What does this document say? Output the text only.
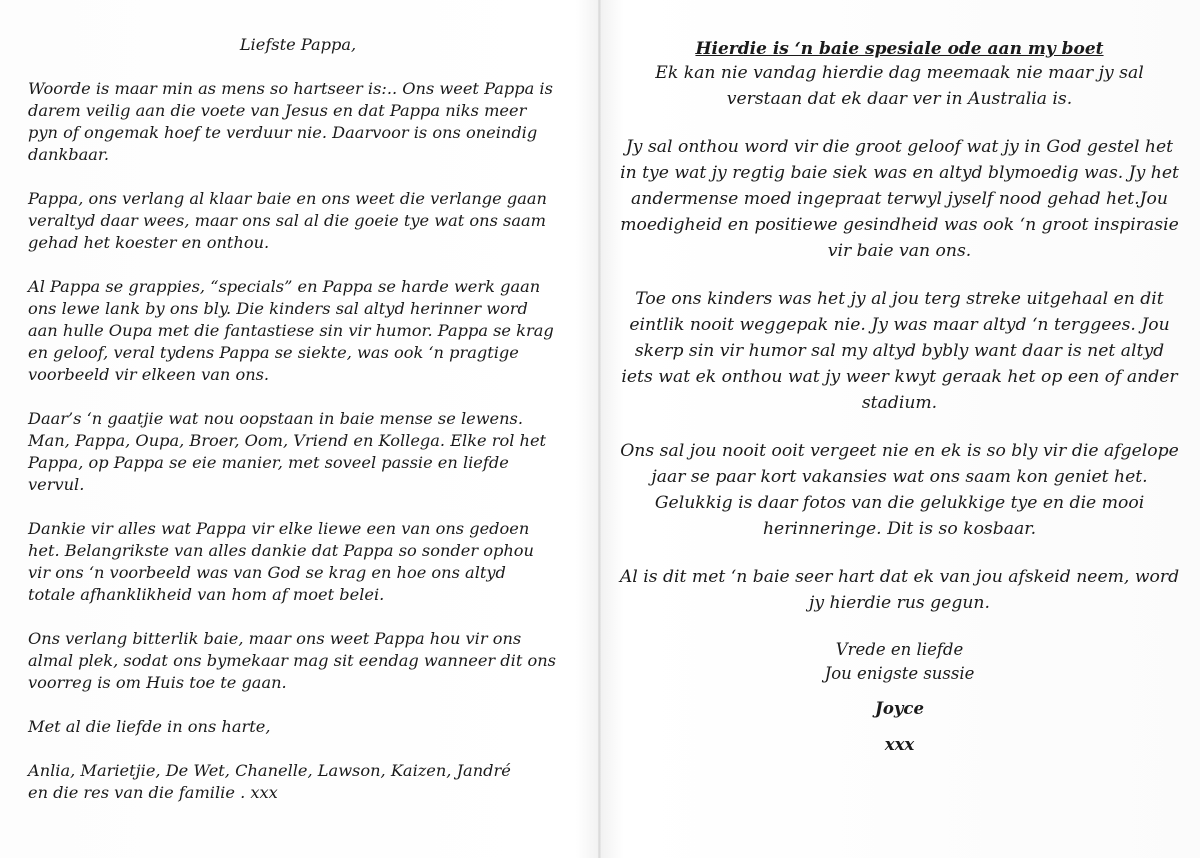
Liefste Pappa,

Woorde is maar min as mens so hartseer is:.. Ons weet Pappa is darem veilig aan die voete van Jesus en dat Pappa niks meer pyn of ongemak hoef te verduur nie. Daarvoor is ons oneindig dankbaar.

Pappa, ons verlang al klaar baie en ons weet die verlange gaan veraltyd daar wees, maar ons sal al die goeie tye wat ons saam gehad het koester en onthou.

Al Pappa se grappies, “specials” en Pappa se harde werk gaan ons lewe lank by ons bly. Die kinders sal altyd herinner word aan hulle Oupa met die fantastiese sin vir humor. Pappa se krag en geloof, veral tydens Pappa se siekte, was ook ‘n pragtige voorbeeld vir elkeen van ons.

Daar’s ‘n gaatjie wat nou oopstaan in baie mense se lewens. Man, Pappa, Oupa, Broer, Oom, Vriend en Kollega. Elke rol het Pappa, op Pappa se eie manier, met soveel passie en liefde vervul.

Dankie vir alles wat Pappa vir elke liewe een van ons gedoen het. Belangrikste van alles dankie dat Pappa so sonder ophou vir ons ‘n voorbeeld was van God se krag en hoe ons altyd totale afhanklikheid van hom af moet belei.

Ons verlang bitterlik baie, maar ons weet Pappa hou vir ons almal plek, sodat ons bymekaar mag sit eendag wanneer dit ons voorreg is om Huis toe te gaan.

Met al die liefde in ons harte,

Anlia, Marietjie, De Wet, Chanelle, Lawson, Kaizen, Jandré

en die res van die familie . xxx

Hierdie is ‘n baie spesiale ode aan my boet

Ek kan nie vandag hierdie dag meemaak nie maar jy sal verstaan dat ek daar ver in Australia is.

Jy sal onthou word vir die groot geloof wat jy in God gestel het in tye wat jy regtig baie siek was en altyd blymoedig was. Jy het andermense moed ingepraat terwyl jyself nood gehad het.Jou moedigheid en positiewe gesindheid was ook ‘n groot inspirasie vir baie van ons.

Toe ons kinders was het jy al jou terg streke uitgehaal en dit eintlik nooit weggepak nie. Jy was maar altyd ‘n terggees. Jou skerp sin vir humor sal my altyd bybly want daar is net altyd iets wat ek onthou wat jy weer kwyt geraak het op een of ander stadium.

Ons sal jou nooit ooit vergeet nie en ek is so bly vir die afgelope jaar se paar kort vakansies wat ons saam kon geniet het. Gelukkig is daar fotos van die gelukkige tye en die mooi herinneringe. Dit is so kosbaar.

Al is dit met ‘n baie seer hart dat ek van jou afskeid neem, word jy hierdie rus gegun.

Vrede en liefde

Jou enigste sussie

Joyce

xxx
